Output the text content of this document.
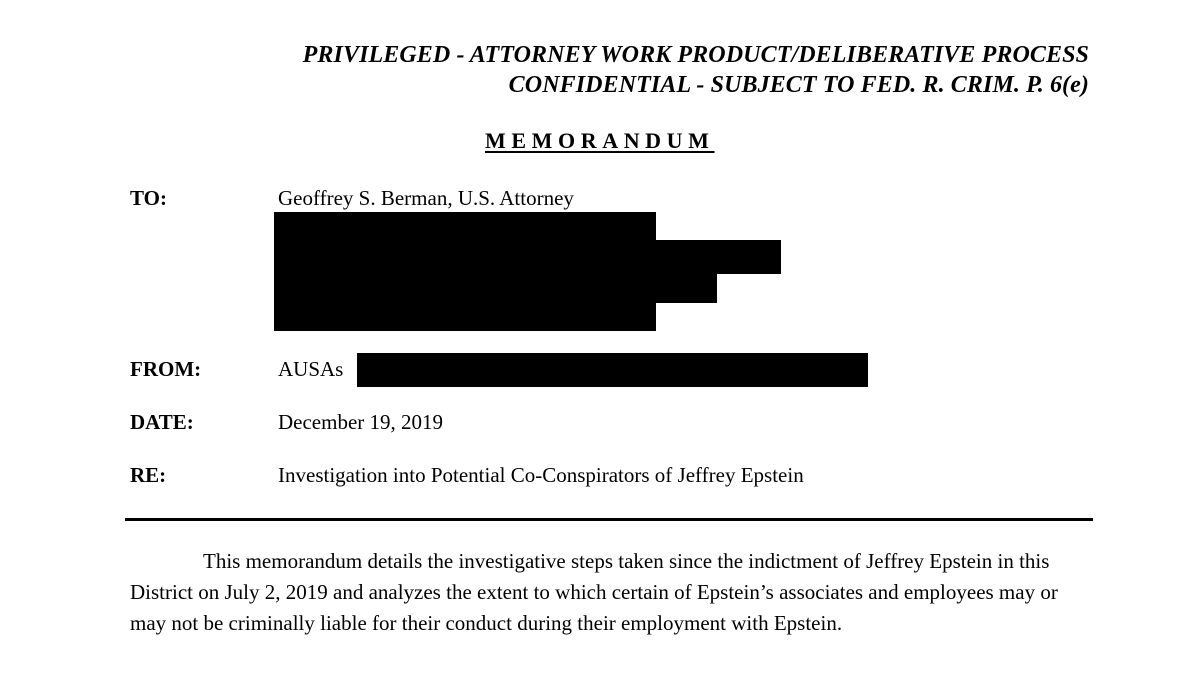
PRIVILEGED - ATTORNEY WORK PRODUCT/DELIBERATIVE PROCESS
CONFIDENTIAL - SUBJECT TO FED. R. CRIM. P. 6(e)
MEMORANDUM
TO:	Geoffrey S. Berman, U.S. Attorney
FROM:	AUSAs
DATE:	December 19, 2019
RE:	Investigation into Potential Co-Conspirators of Jeffrey Epstein
This memorandum details the investigative steps taken since the indictment of Jeffrey Epstein in this District on July 2, 2019 and analyzes the extent to which certain of Epstein’s associates and employees may or may not be criminally liable for their conduct during their employment with Epstein.
